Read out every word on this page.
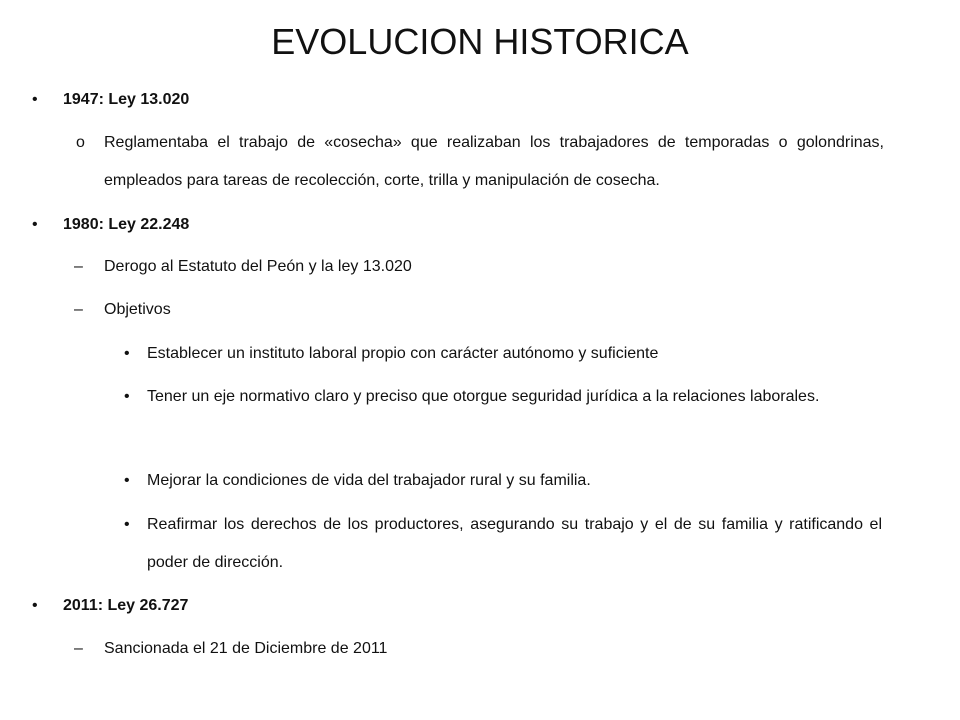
EVOLUCION HISTORICA
• 1947: Ley 13.020
o Reglamentaba el trabajo de «cosecha» que realizaban los trabajadores de temporadas o golondrinas, empleados para tareas de recolección, corte, trilla y manipulación de cosecha.
• 1980: Ley 22.248
– Derogo al Estatuto del Peón y la ley 13.020
– Objetivos
• Establecer un instituto laboral propio con carácter autónomo y suficiente
• Tener un eje normativo claro y preciso que otorgue seguridad jurídica a la relaciones laborales.
• Mejorar la condiciones de vida del trabajador rural y su familia.
• Reafirmar los derechos de los productores, asegurando su trabajo y el de su familia y ratificando el poder de dirección.
• 2011: Ley 26.727
– Sancionada el 21 de Diciembre de 2011
